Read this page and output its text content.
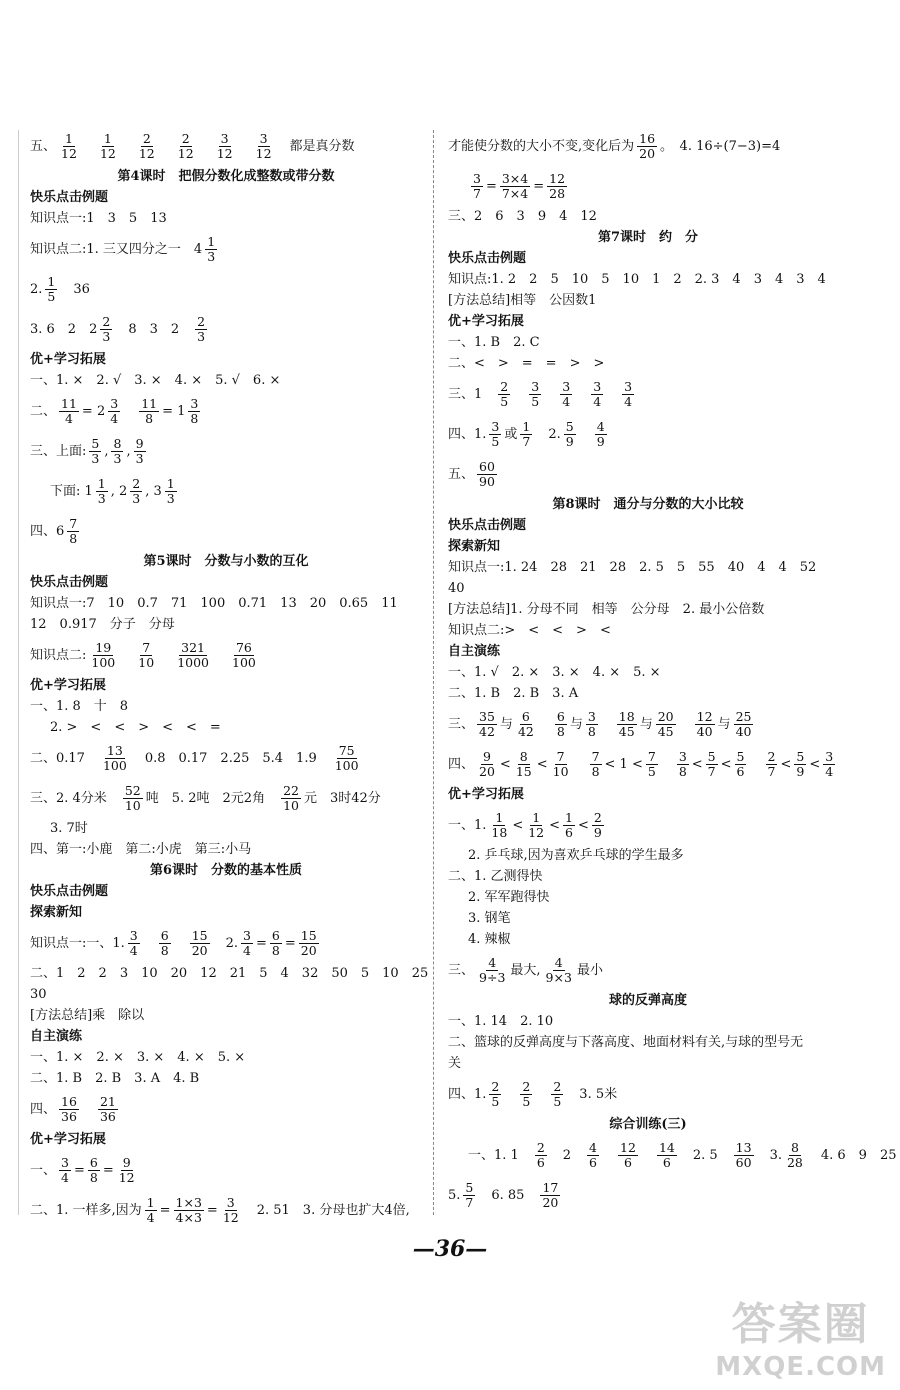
五、 $\frac{1}{12}$
　 $\frac{1}{12}$
　 $\frac{2}{12}$
　 $\frac{2}{12}$
　 $\frac{3}{12}$
　 $\frac{3}{12}$ 　都是真分数
第4课时　把假分数化成整数或带分数
快乐点击例题
知识点一:1　3　5　13
知识点二:1. 三又四分之一　$4 \frac{1}{3}$
2. $\frac{1}{5}$ 　36
3. 6　2　$2 \frac{2}{3}$ 　8　3　2　 $\frac{2}{3}$
优+学习拓展
一、1. ×　2. √　3. ×　4. ×　5. √　6. ×
二、 $\frac{11}{4} = 2 \frac{3}{4}$
　 $\frac{11}{8} = 1 \frac{3}{8}$
三、上面: $\frac{5}{3}$ , $\frac{8}{3}$ , $\frac{9}{3}$
下面: $1 \frac{1}{3}$ , $2 \frac{2}{3}$ , $3 \frac{1}{3}$
四、$6 \frac{7}{8}$
第5课时　分数与小数的互化
快乐点击例题
知识点一:7　10　0.7　71　100　0.71　13　20　0.65　11
12　0.917　分子　分母
知识点二: $\frac{19}{100}$
　 $\frac{7}{10}$
　 $\frac{321}{1000}$
　 $\frac{76}{100}$
优+学习拓展
一、1. 8　十　8
2. >　<　<　>　<　<　=
二、0.17　 $\frac{13}{100}$ 　0.8　0.17　2.25　5.4　1.9　 $\frac{75}{100}$
三、2. 4分米　 $\frac{52}{10}$ 吨　5. 2吨　2元2角　 $\frac{22}{10}$ 元　3时42分
3. 7时
四、第一:小鹿　第二:小虎　第三:小马
第6课时　分数的基本性质
快乐点击例题
探索新知
知识点一:一、1. $\frac{3}{4}$
　 $\frac{6}{8}$
　 $\frac{15}{20}$ 　2. $\frac{3}{4} = \frac{6}{8} = \frac{15}{20}$
二、1　2　2　3　10　20　12　21　5　4　32　50　5　10　25
30
[方法总结]乘　除以
自主演练
一、1. ×　2. ×　3. ×　4. ×　5. ×
二、1. B　2. B　3. A　4. B
四、 $\frac{16}{36}$
　 $\frac{21}{36}$
优+学习拓展
一、 $\frac{3}{4} = \frac{6}{8} = \frac{9}{12}$
二、1. 一样多,因为 $\frac{1}{4} = \frac{1\times 3}{4\times 3} = \frac{3}{12}$ 　2. 51　3. 分母也扩大4倍,
才能使分数的大小不变,变化后为 $\frac{16}{20}$ 。　4. 16÷(7−3)=4
$\frac{3}{7} = \frac{3\times 4}{7\times 4} = \frac{12}{28}$
三、2　6　3　9　4　12
第7课时　约　分
快乐点击例题
知识点:1. 2　2　5　10　5　10　1　2　2. 3　4　3　4　3　4
[方法总结]相等　公因数1
优+学习拓展
一、1. B　2. C
二、<　>　=　=　>　>
三、1　 $\frac{2}{5}$
　 $\frac{3}{5}$
　 $\frac{3}{4}$
　 $\frac{3}{4}$
　 $\frac{3}{4}$
四、1. $\frac{3}{5}$ 或 $\frac{1}{7}$ 　2. $\frac{5}{9}$
　 $\frac{4}{9}$
五、 $\frac{60}{90}$
第8课时　通分与分数的大小比较
快乐点击例题
探索新知
知识点一:1. 24　28　21　28　2. 5　5　55　40　4　4　52
40
[方法总结]1. 分母不同　相等　公分母　2. 最小公倍数
知识点二:>　<　<　>　<
自主演练
一、1. √　2. ×　3. ×　4. ×　5. ×
二、1. B　2. B　3. A
三、 $\frac{35}{42}$ 与 $\frac{6}{42}$
　 $\frac{6}{8}$ 与 $\frac{3}{8}$
　 $\frac{18}{45}$ 与 $\frac{20}{45}$
　 $\frac{12}{40}$ 与 $\frac{25}{40}$
四、 $\frac{9}{20} < \frac{8}{15} < \frac{7}{10}$
　 $\frac{7}{8} < 1 < \frac{7}{5}$
　 $\frac{3}{8} < \frac{5}{7} < \frac{5}{6}$
　 $\frac{2}{7} < \frac{5}{9} < \frac{3}{4}$
优+学习拓展
一、1. $\frac{1}{18} < \frac{1}{12} < \frac{1}{6} < \frac{2}{9}$
2. 乒乓球,因为喜欢乒乓球的学生最多
二、1. 乙测得快
2. 军军跑得快
3. 钢笔
4. 辣椒
三、 $\frac{4}{9\div 3}$ 最大, $\frac{4}{9\times 3}$ 最小
球的反弹高度
一、1. 14　2. 10
二、篮球的反弹高度与下落高度、地面材料有关,与球的型号无
关
四、1. $\frac{2}{5}$
　 $\frac{2}{5}$
　 $\frac{2}{5}$ 　3. 5米
综合训练(三)
一、1. 1　 $\frac{2}{6}$ 　2　 $\frac{4}{6}$
　 $\frac{12}{6}$
　 $\frac{14}{6}$ 　2. 5　 $\frac{13}{60}$ 　3. $\frac{8}{28}$ 　4. 6　9　25
5. $\frac{5}{7}$ 　6. 85　 $\frac{17}{20}$
—36—
答案圈
MXQE.COM
